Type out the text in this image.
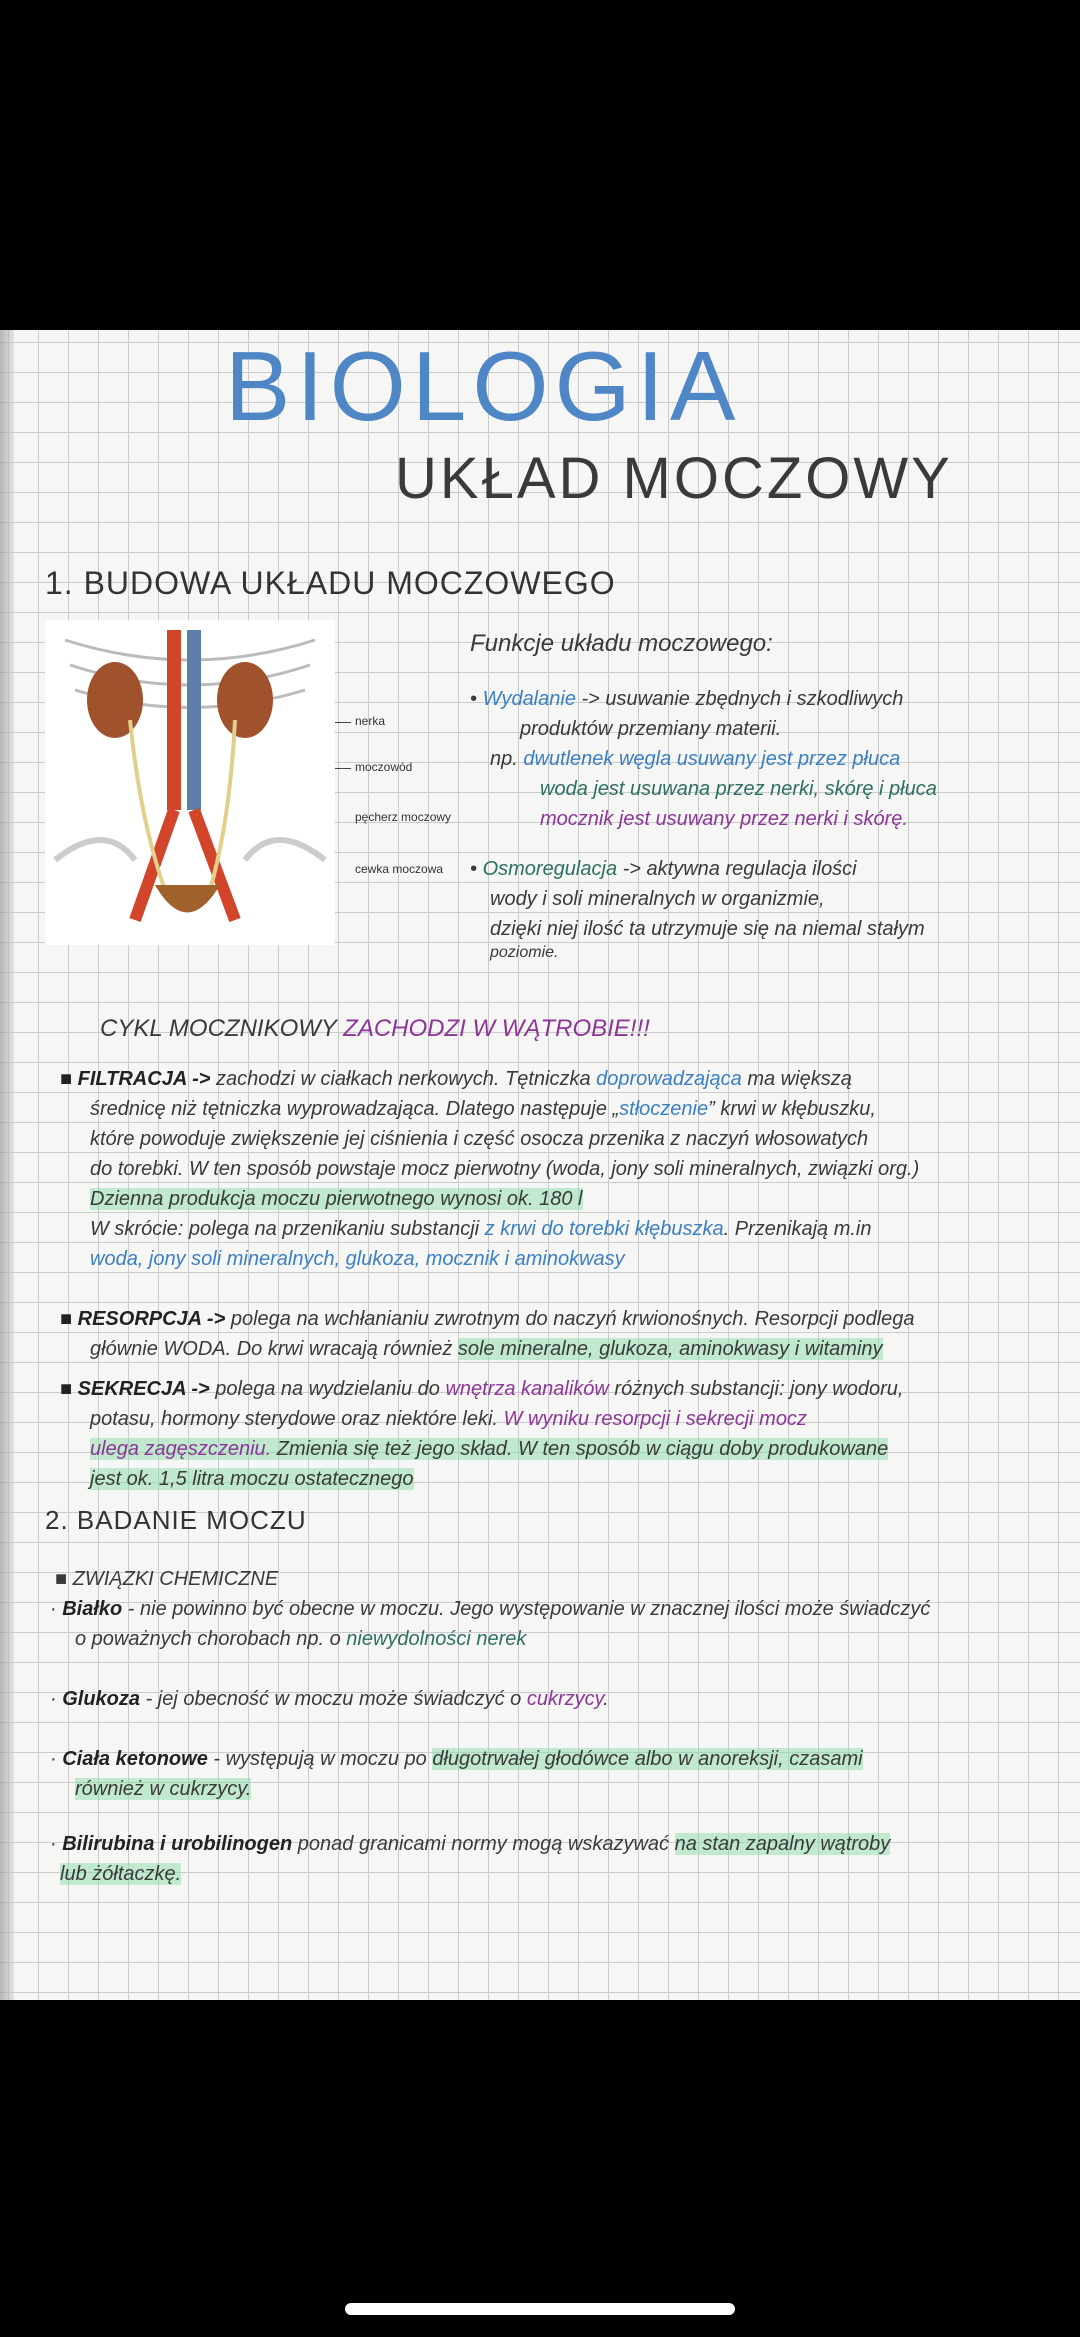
BIOLOGIA
UKŁAD MOCZOWY
1. BUDOWA UKŁADU MOCZOWEGO
2. BADANIE MOCZU
nerka
moczowód
pęcherz moczowy
cewka moczowa
Funkcje układu moczowego:
• Wydalanie -> usuwanie zbędnych i szkodliwych
produktów przemiany materii.
np. dwutlenek węgla usuwany jest przez płuca
woda jest usuwana przez nerki, skórę i płuca
mocznik jest usuwany przez nerki i skórę.
• Osmoregulacja -> aktywna regulacja ilości
wody i soli mineralnych w organizmie,
dzięki niej ilość ta utrzymuje się na niemal stałym
poziomie.
CYKL MOCZNIKOWY ZACHODZI W WĄTROBIE!!!
■ FILTRACJA -> zachodzi w ciałkach nerkowych. Tętniczka doprowadzająca ma większą
średnicę niż tętniczka wyprowadzająca. Dlatego następuje „stłoczenie” krwi w kłębuszku,
które powoduje zwiększenie jej ciśnienia i część osocza przenika z naczyń włosowatych
do torebki. W ten sposób powstaje mocz pierwotny (woda, jony soli mineralnych, związki org.)
Dzienna produkcja moczu pierwotnego wynosi ok. 180 l
W skrócie: polega na przenikaniu substancji z krwi do torebki kłębuszka. Przenikają m.in
woda, jony soli mineralnych, glukoza, mocznik i aminokwasy
■ RESORPCJA -> polega na wchłanianiu zwrotnym do naczyń krwionośnych. Resorpcji podlega
głównie WODA. Do krwi wracają również sole mineralne, glukoza, aminokwasy i witaminy
■ SEKRECJA -> polega na wydzielaniu do wnętrza kanalików różnych substancji: jony wodoru,
potasu, hormony sterydowe oraz niektóre leki. W wyniku resorpcji i sekrecji mocz
ulega zagęszczeniu. Zmienia się też jego skład. W ten sposób w ciągu doby produkowane
jest ok. 1,5 litra moczu ostatecznego
■ ZWIĄZKI CHEMICZNE
· Białko - nie powinno być obecne w moczu. Jego występowanie w znacznej ilości może świadczyć
o poważnych chorobach np. o niewydolności nerek
· Glukoza - jej obecność w moczu może świadczyć o cukrzycy.
· Ciała ketonowe - występują w moczu po długotrwałej głodówce albo w anoreksji, czasami
również w cukrzycy.
· Bilirubina i urobilinogen ponad granicami normy mogą wskazywać na stan zapalny wątroby
lub żółtaczkę.
